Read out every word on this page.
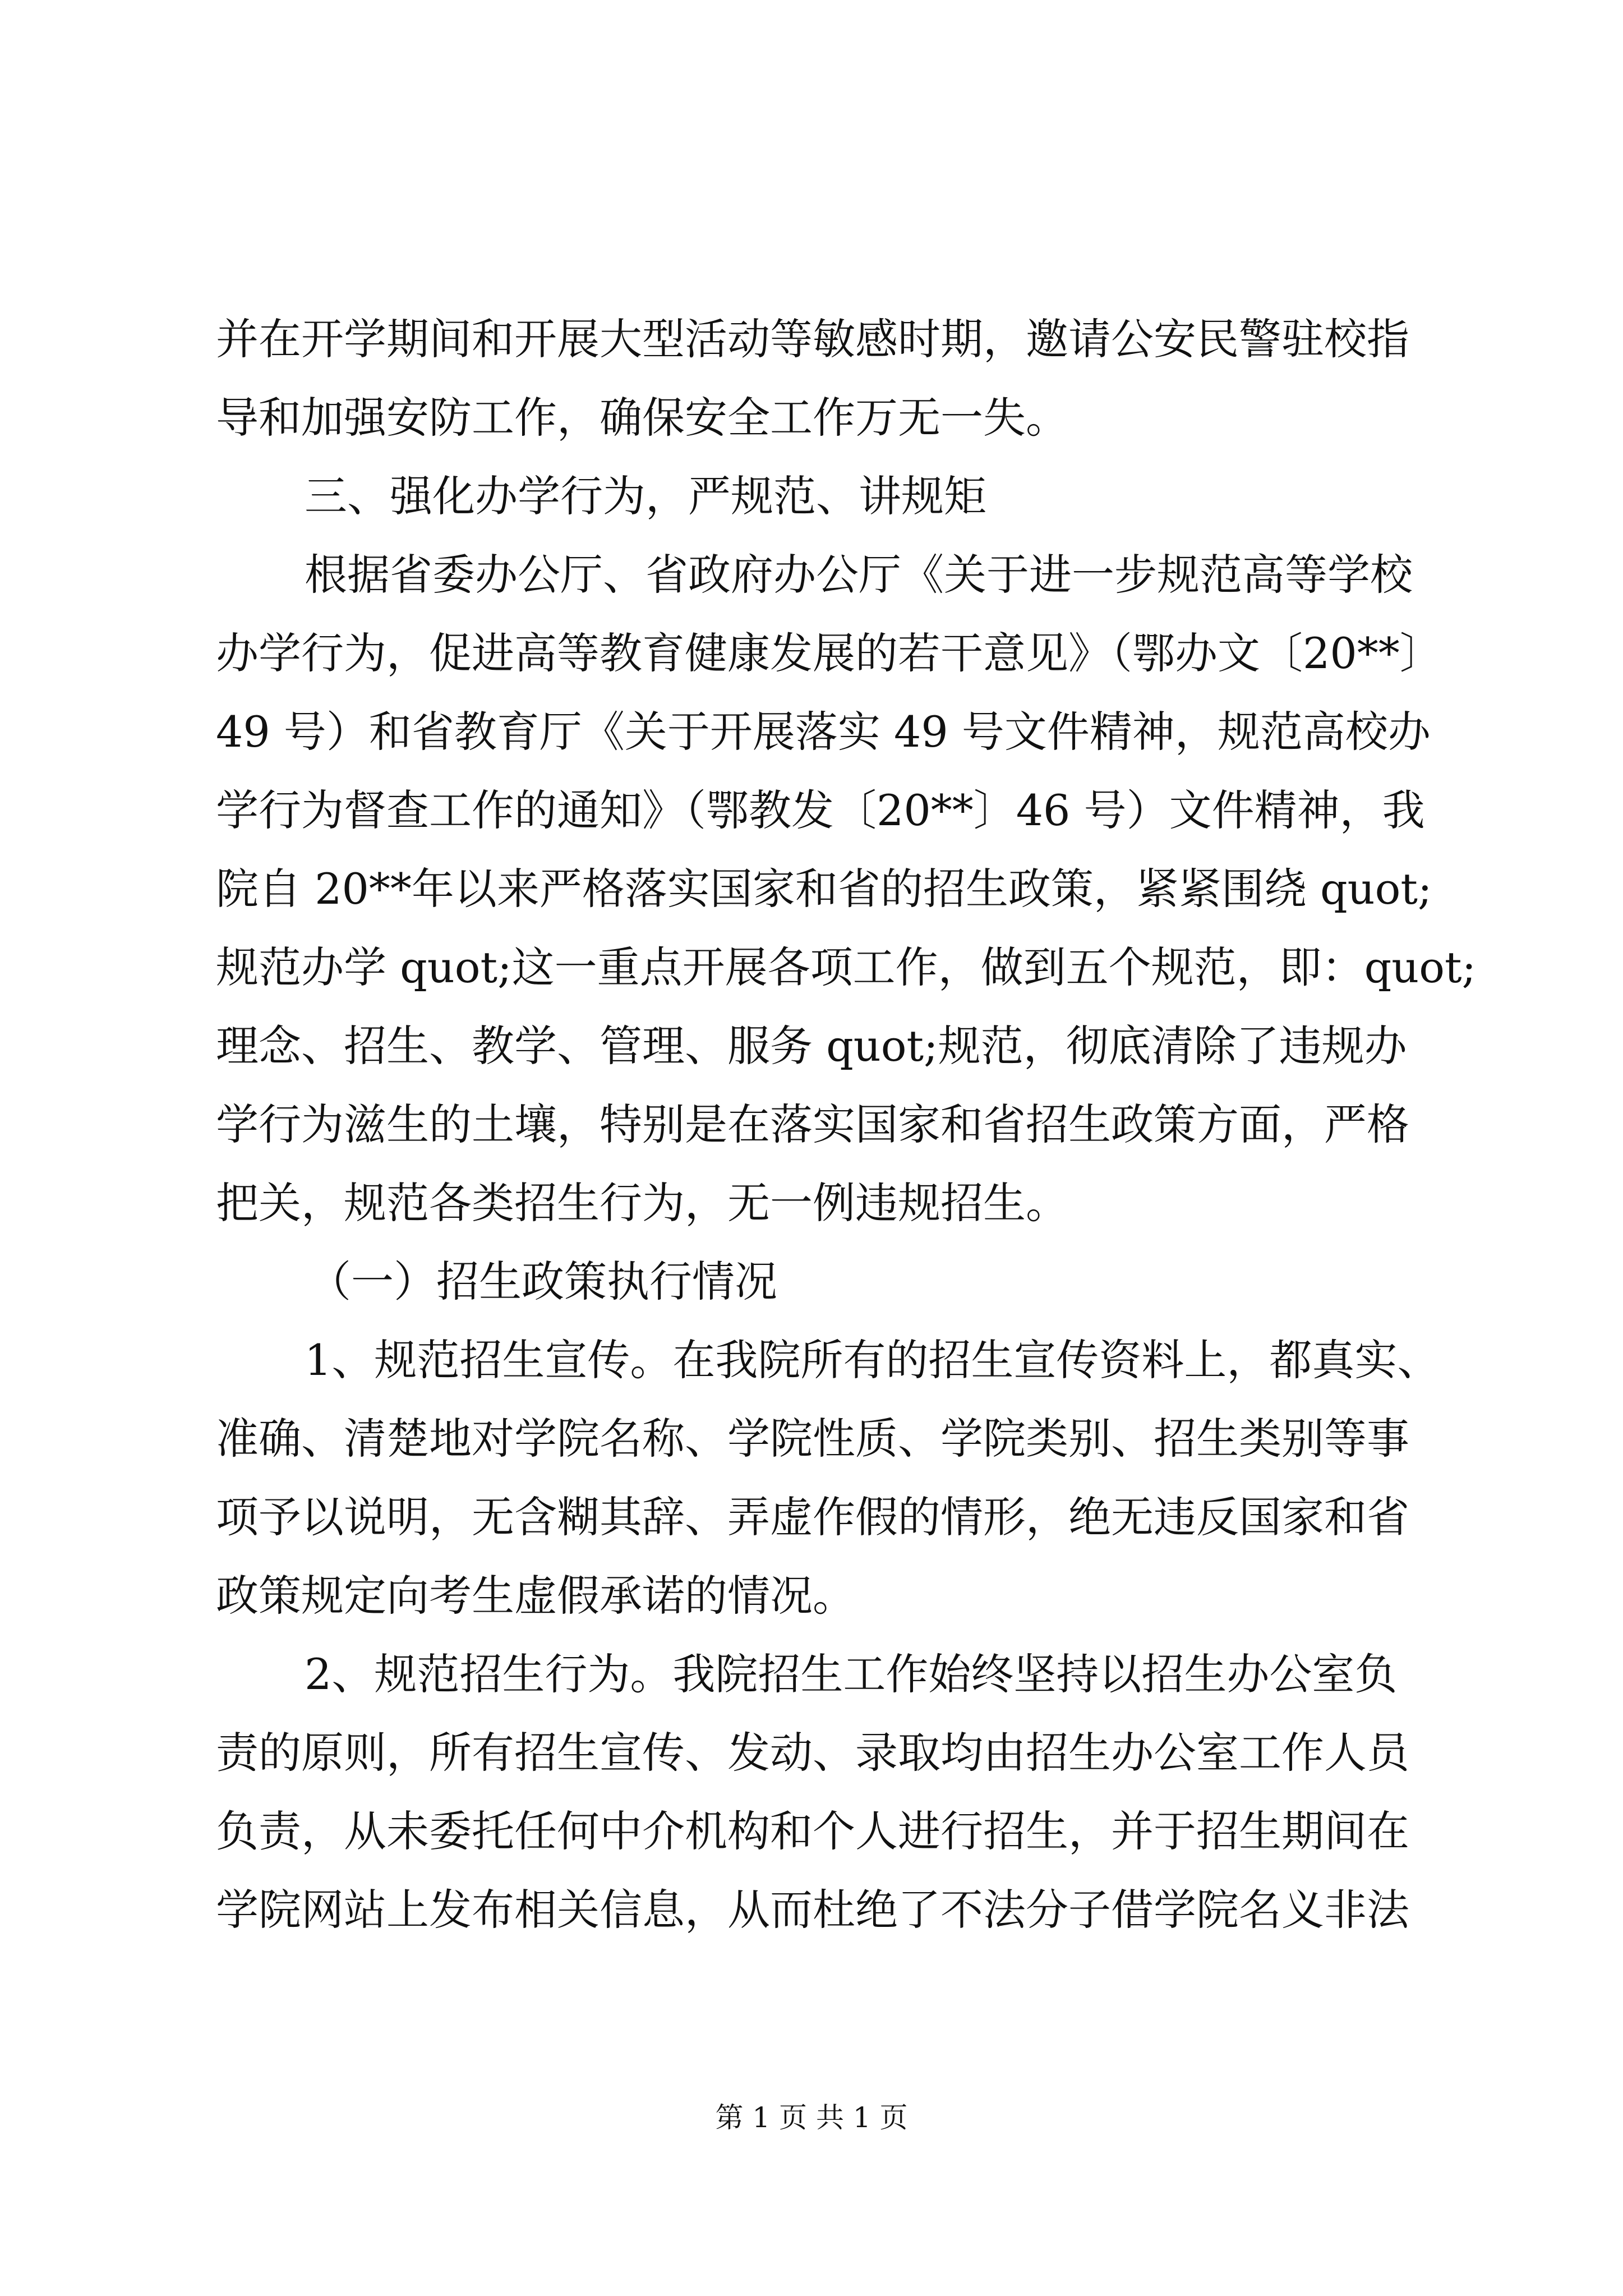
并在开学期间和开展大型活动等敏感时期，邀请公安民警驻校指
导和加强安防工作，确保安全工作万无一失。
三、强化办学行为，严规范、讲规矩
根据省委办公厅、省政府办公厅《关于进一步规范高等学校
办学行为，促进高等教育健康发展的若干意见》（鄂办文〔20**〕
49 号）和省教育厅《关于开展落实 49 号文件精神，规范高校办
学行为督查工作的通知》（鄂教发〔20**〕46 号）文件精神，我
院自 20**年以来严格落实国家和省的招生政策，紧紧围绕 quot;
规范办学 quot;这一重点开展各项工作，做到五个规范，即：quot;
理念、招生、教学、管理、服务 quot;规范，彻底清除了违规办
学行为滋生的土壤，特别是在落实国家和省招生政策方面，严格
把关，规范各类招生行为，无一例违规招生。
（一）招生政策执行情况
1、规范招生宣传。在我院所有的招生宣传资料上，都真实、
准确、清楚地对学院名称、学院性质、学院类别、招生类别等事
项予以说明，无含糊其辞、弄虚作假的情形，绝无违反国家和省
政策规定向考生虚假承诺的情况。
2、规范招生行为。我院招生工作始终坚持以招生办公室负
责的原则，所有招生宣传、发动、录取均由招生办公室工作人员
负责，从未委托任何中介机构和个人进行招生，并于招生期间在
学院网站上发布相关信息，从而杜绝了不法分子借学院名义非法
第 1 页 共 1 页
